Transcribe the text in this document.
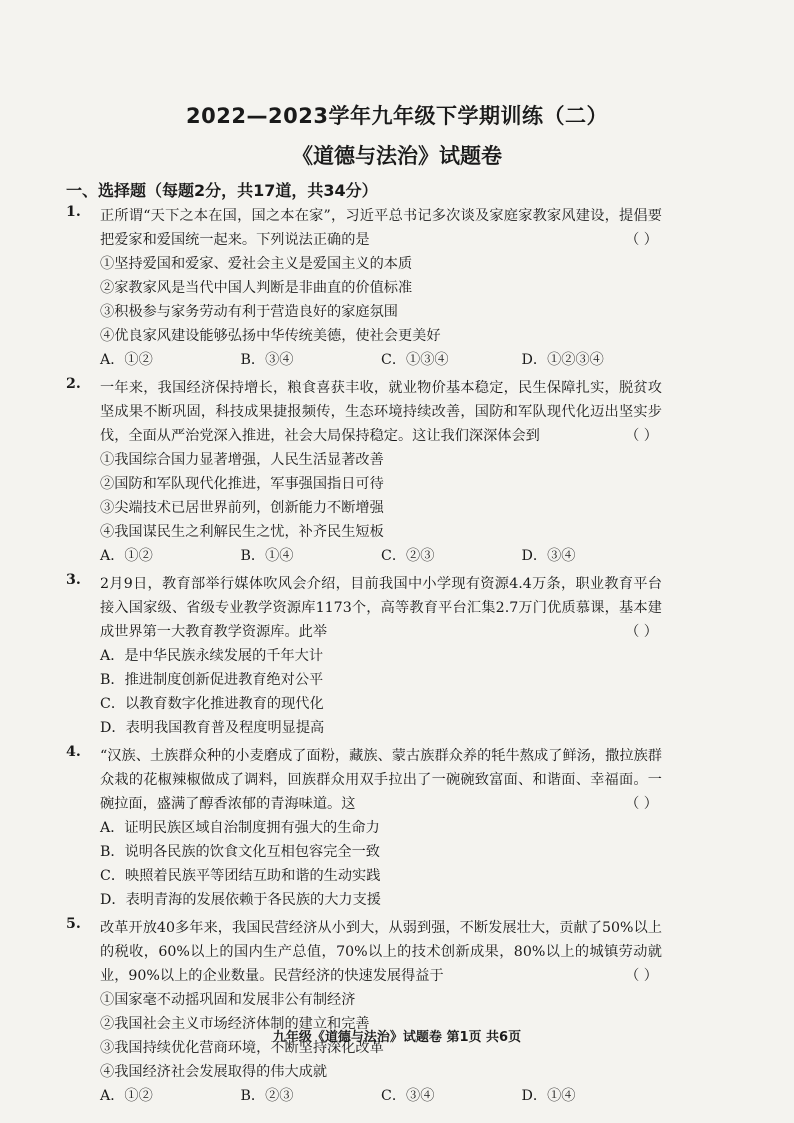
2022—2023学年九年级下学期训练（二）
《道德与法治》试题卷
一、选择题（每题2分，共17道，共34分）
1. 正所谓“天下之本在国，国之本在家”，习近平总书记多次谈及家庭家教家风建设，提倡要把爱家和爱国统一起来。下列说法正确的是	（ ）
①坚持爱国和爱家、爱社会主义是爱国主义的本质
②家教家风是当代中国人判断是非曲直的价值标准
③积极参与家务劳动有利于营造良好的家庭氛围
④优良家风建设能够弘扬中华传统美德，使社会更美好
A．①②	B．③④	C．①③④	D．①②③④
2. 一年来，我国经济保持增长，粮食喜获丰收，就业物价基本稳定，民生保障扎实，脱贫攻坚成果不断巩固，科技成果捷报频传，生态环境持续改善，国防和军队现代化迈出坚实步伐，全面从严治党深入推进，社会大局保持稳定。这让我们深深体会到	（ ）
①我国综合国力显著增强，人民生活显著改善
②国防和军队现代化推进，军事强国指日可待
③尖端技术已居世界前列，创新能力不断增强
④我国谋民生之利解民生之忧，补齐民生短板
A．①②	B．①④	C．②③	D．③④
3. 2月9日，教育部举行媒体吹风会介绍，目前我国中小学现有资源4.4万条，职业教育平台接入国家级、省级专业教学资源库1173个，高等教育平台汇集2.7万门优质慕课，基本建成世界第一大教育教学资源库。此举	（ ）
A．是中华民族永续发展的千年大计
B．推进制度创新促进教育绝对公平
C．以教育数字化推进教育的现代化
D．表明我国教育普及程度明显提高
4. “汉族、土族群众种的小麦磨成了面粉，藏族、蒙古族群众养的牦牛熬成了鲜汤，撒拉族群众栽的花椒辣椒做成了调料，回族群众用双手拉出了一碗碗致富面、和谐面、幸福面。一碗拉面，盛满了醇香浓郁的青海味道。这	（ ）
A．证明民族区域自治制度拥有强大的生命力
B．说明各民族的饮食文化互相包容完全一致
C．映照着民族平等团结互助和谐的生动实践
D．表明青海的发展依赖于各民族的大力支援
5. 改革开放40多年来，我国民营经济从小到大，从弱到强，不断发展壮大，贡献了50%以上的税收，60%以上的国内生产总值，70%以上的技术创新成果，80%以上的城镇劳动就业，90%以上的企业数量。民营经济的快速发展得益于	（ ）
①国家毫不动摇巩固和发展非公有制经济
②我国社会主义市场经济体制的建立和完善
③我国持续优化营商环境，不断坚持深化改革
④我国经济社会发展取得的伟大成就
A．①②	B．②③	C．③④	D．①④
九年级《道德与法治》试题卷 第1页 共6页
